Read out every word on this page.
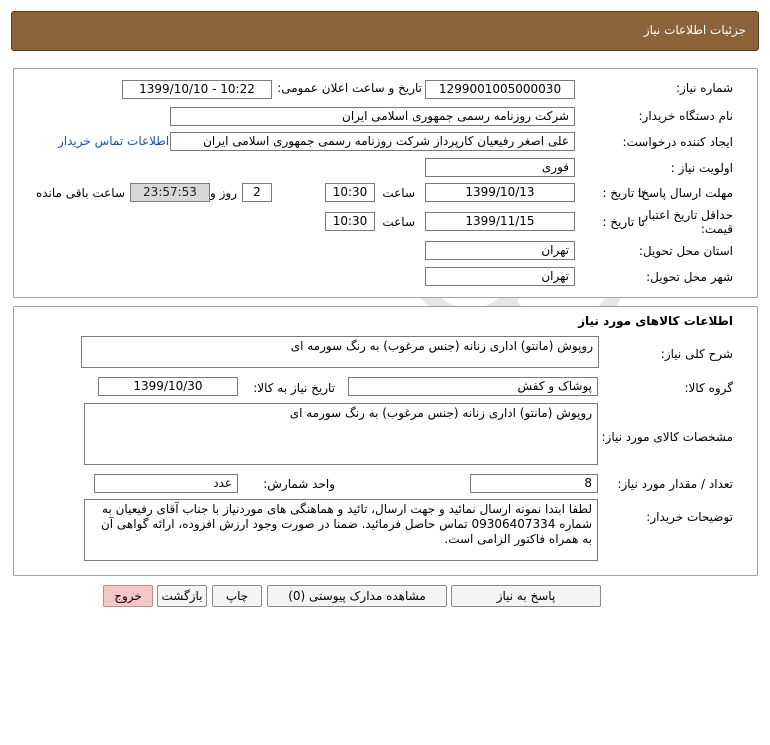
جزئیات اطلاعات نیاز
شماره نیاز:
1299001005000030
تاریخ و ساعت اعلان عمومی:
1399/10/10 - 10:22
نام دستگاه خریدار:
شرکت روزنامه رسمی جمهوری اسلامی ایران
ایجاد کننده درخواست:
علی اصغر رفیعیان کارپرداز شرکت روزنامه رسمی جمهوری اسلامی ایران
اطلاعات تماس خریدار
اولویت نیاز :
فوری
مهلت ارسال پاسخ:
تا تاریخ :
1399/10/13
ساعت
10:30
2
روز و
23:57:53
ساعت باقی مانده
حداقل تاریخ اعتبار قیمت:
تا تاریخ :
1399/11/15
ساعت
10:30
استان محل تحویل:
تهران
شهر محل تحویل:
تهران
اطلاعات کالاهای مورد نیاز
شرح کلی نیاز:
روپوش (مانتو) اداری زنانه (جنس مرغوب) به رنگ سورمه ای
گروه کالا:
پوشاک و کفش
تاریخ نیاز به کالا:
1399/10/30
مشخصات کالای مورد نیاز:
روپوش (مانتو) اداری زنانه (جنس مرغوب) به رنگ سورمه ای
تعداد / مقدار مورد نیاز:
8
واحد شمارش:
عدد
توضیحات خریدار:
لطفا ابتدا نمونه ارسال نمائید و جهت ارسال، تائید و هماهنگی های موردنیاز با جناب آقای رفیعیان به شماره 09306407334 تماس حاصل فرمائید. ضمنا در صورت وجود ارزش افزوده، ارائه گواهی آن به همراه فاکتور الزامی است.
پاسخ به نیاز
مشاهده مدارک پیوستی (0)
چاپ
بازگشت
خروج
